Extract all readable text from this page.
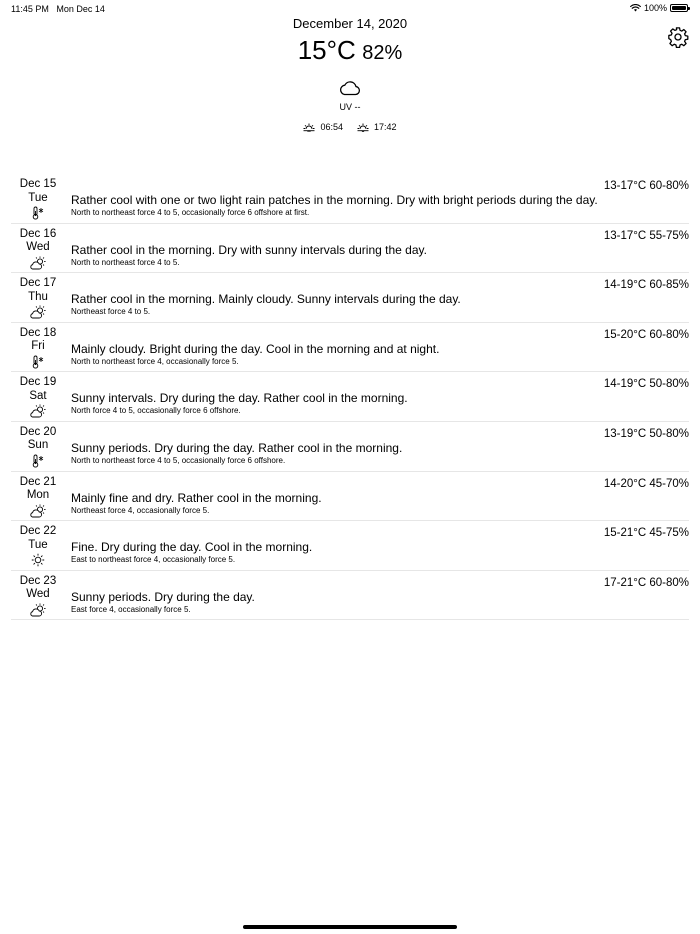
11:45 PM Mon Dec 14	100%
December 14, 2020
15°C 82%
UV --
06:54	17:42
Dec 15
Tue	Rather cool with one or two light rain patches in the morning. Dry with bright periods during the day.
North to northeast force 4 to 5, occasionally force 6 offshore at first.
13-17°C 60-80%
Dec 16
Wed	Rather cool in the morning. Dry with sunny intervals during the day.
North to northeast force 4 to 5.
13-17°C 55-75%
Dec 17
Thu	Rather cool in the morning. Mainly cloudy. Sunny intervals during the day.
Northeast force 4 to 5.
14-19°C 60-85%
Dec 18
Fri	Mainly cloudy. Bright during the day. Cool in the morning and at night.
North to northeast force 4, occasionally force 5.
15-20°C 60-80%
Dec 19
Sat	Sunny intervals. Dry during the day. Rather cool in the morning.
North force 4 to 5, occasionally force 6 offshore.
14-19°C 50-80%
Dec 20
Sun	Sunny periods. Dry during the day. Rather cool in the morning.
North to northeast force 4 to 5, occasionally force 6 offshore.
13-19°C 50-80%
Dec 21
Mon	Mainly fine and dry. Rather cool in the morning.
Northeast force 4, occasionally force 5.
14-20°C 45-70%
Dec 22
Tue	Fine. Dry during the day. Cool in the morning.
East to northeast force 4, occasionally force 5.
15-21°C 45-75%
Dec 23
Wed	Sunny periods. Dry during the day.
East force 4, occasionally force 5.
17-21°C 60-80%
